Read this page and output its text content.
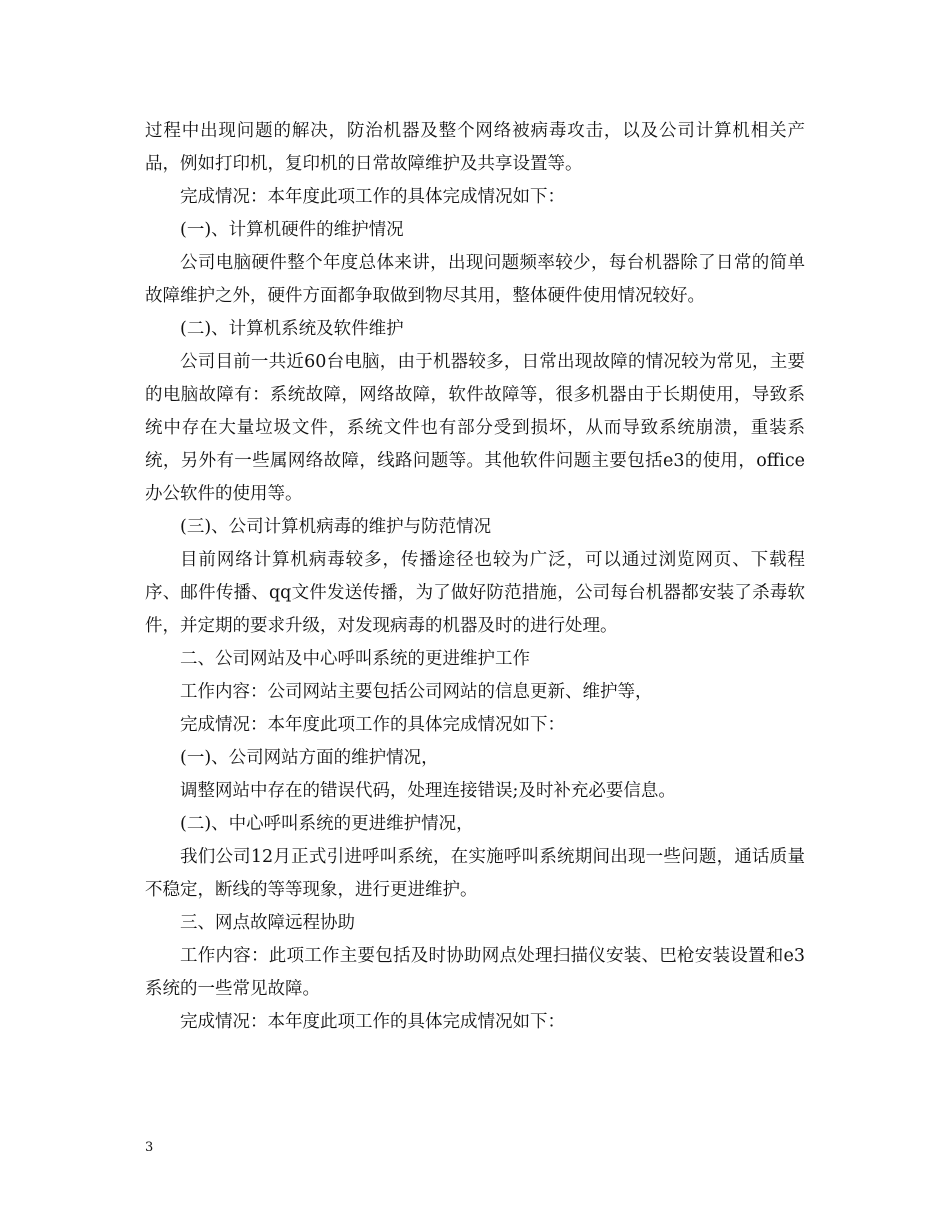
过程中出现问题的解决，防治机器及整个网络被病毒攻击，以及公司计算机相关产品，例如打印机，复印机的日常故障维护及共享设置等。

完成情况：本年度此项工作的具体完成情况如下：

(一)、计算机硬件的维护情况

公司电脑硬件整个年度总体来讲，出现问题频率较少，每台机器除了日常的简单故障维护之外，硬件方面都争取做到物尽其用，整体硬件使用情况较好。

(二)、计算机系统及软件维护

公司目前一共近60台电脑，由于机器较多，日常出现故障的情况较为常见，主要的电脑故障有：系统故障，网络故障，软件故障等，很多机器由于长期使用，导致系统中存在大量垃圾文件，系统文件也有部分受到损坏，从而导致系统崩溃，重装系统，另外有一些属网络故障，线路问题等。其他软件问题主要包括e3的使用，office办公软件的使用等。

(三)、公司计算机病毒的维护与防范情况

目前网络计算机病毒较多，传播途径也较为广泛，可以通过浏览网页、下载程序、邮件传播、qq文件发送传播，为了做好防范措施，公司每台机器都安装了杀毒软件，并定期的要求升级，对发现病毒的机器及时的进行处理。

二、公司网站及中心呼叫系统的更进维护工作

工作内容：公司网站主要包括公司网站的信息更新、维护等，

完成情况：本年度此项工作的具体完成情况如下：

(一)、公司网站方面的维护情况，

调整网站中存在的错误代码，处理连接错误;及时补充必要信息。

(二)、中心呼叫系统的更进维护情况，

我们公司12月正式引进呼叫系统，在实施呼叫系统期间出现一些问题，通话质量不稳定，断线的等等现象，进行更进维护。

三、网点故障远程协助

工作内容：此项工作主要包括及时协助网点处理扫描仪安装、巴枪安装设置和e3系统的一些常见故障。

完成情况：本年度此项工作的具体完成情况如下：

3
